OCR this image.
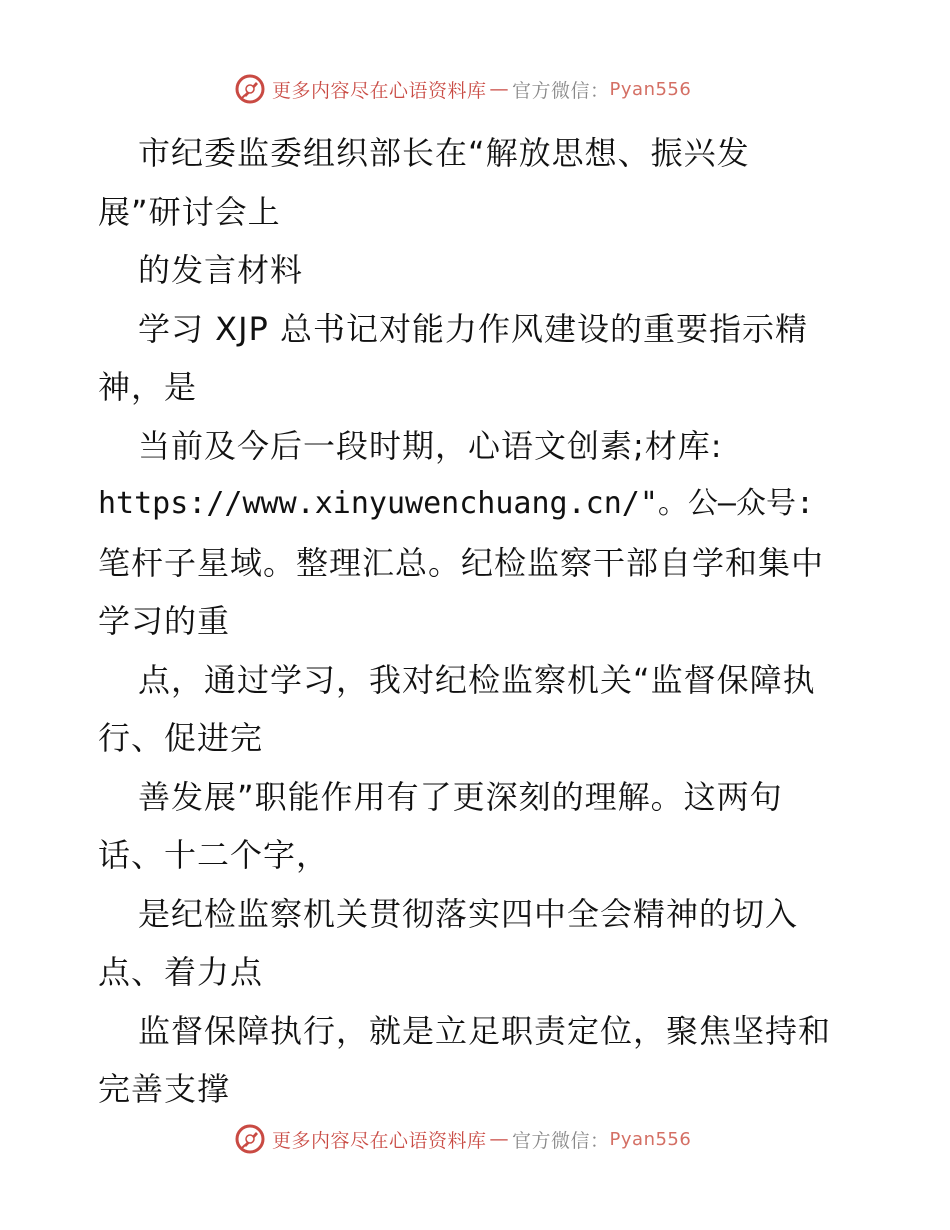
更多内容尽在心语资料库 — 官方微信： Pyan556
市纪委监委组织部长在“解放思想、振兴发
展”研讨会上
的发言材料
学习 XJP 总书记对能力作风建设的重要指示精
神，是
当前及今后一段时期，心语文创素;材库:
https://www.xinyuwenchuang.cn/"。公—众号:
笔杆子星域。整理汇总。纪检监察干部自学和集中
学习的重
点，通过学习，我对纪检监察机关“监督保障执
行、促进完
善发展”职能作用有了更深刻的理解。这两句
话、十二个字，
是纪检监察机关贯彻落实四中全会精神的切入
点、着力点
监督保障执行，就是立足职责定位，聚焦坚持和
完善支撑
更多内容尽在心语资料库 — 官方微信： Pyan556
